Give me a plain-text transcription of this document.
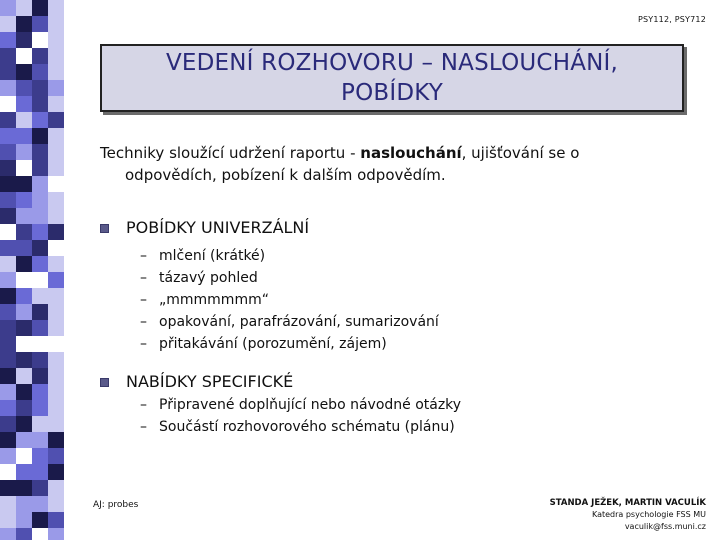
PSY112, PSY712
VEDENÍ ROZHOVORU – NASLOUCHÁNÍ, POBÍDKY
Techniky sloužící udržení raportu - naslouchání, ujišťování se o
odpovědích, pobízení k dalším odpovědím.
POBÍDKY UNIVERZÁLNÍ
– mlčení (krátké)
– tázavý pohled
– „mmmmmmm“
– opakování, parafrázování, sumarizování
– přitakávání (porozumění, zájem)
NABÍDKY SPECIFICKÉ
– Připravené doplňující nebo návodné otázky
– Součástí rozhovorového schématu (plánu)
AJ: probes	STANDA JEŽEK, MARTIN VACULÍK
Katedra psychologie FSS MU
vaculik@fss.muni.cz
